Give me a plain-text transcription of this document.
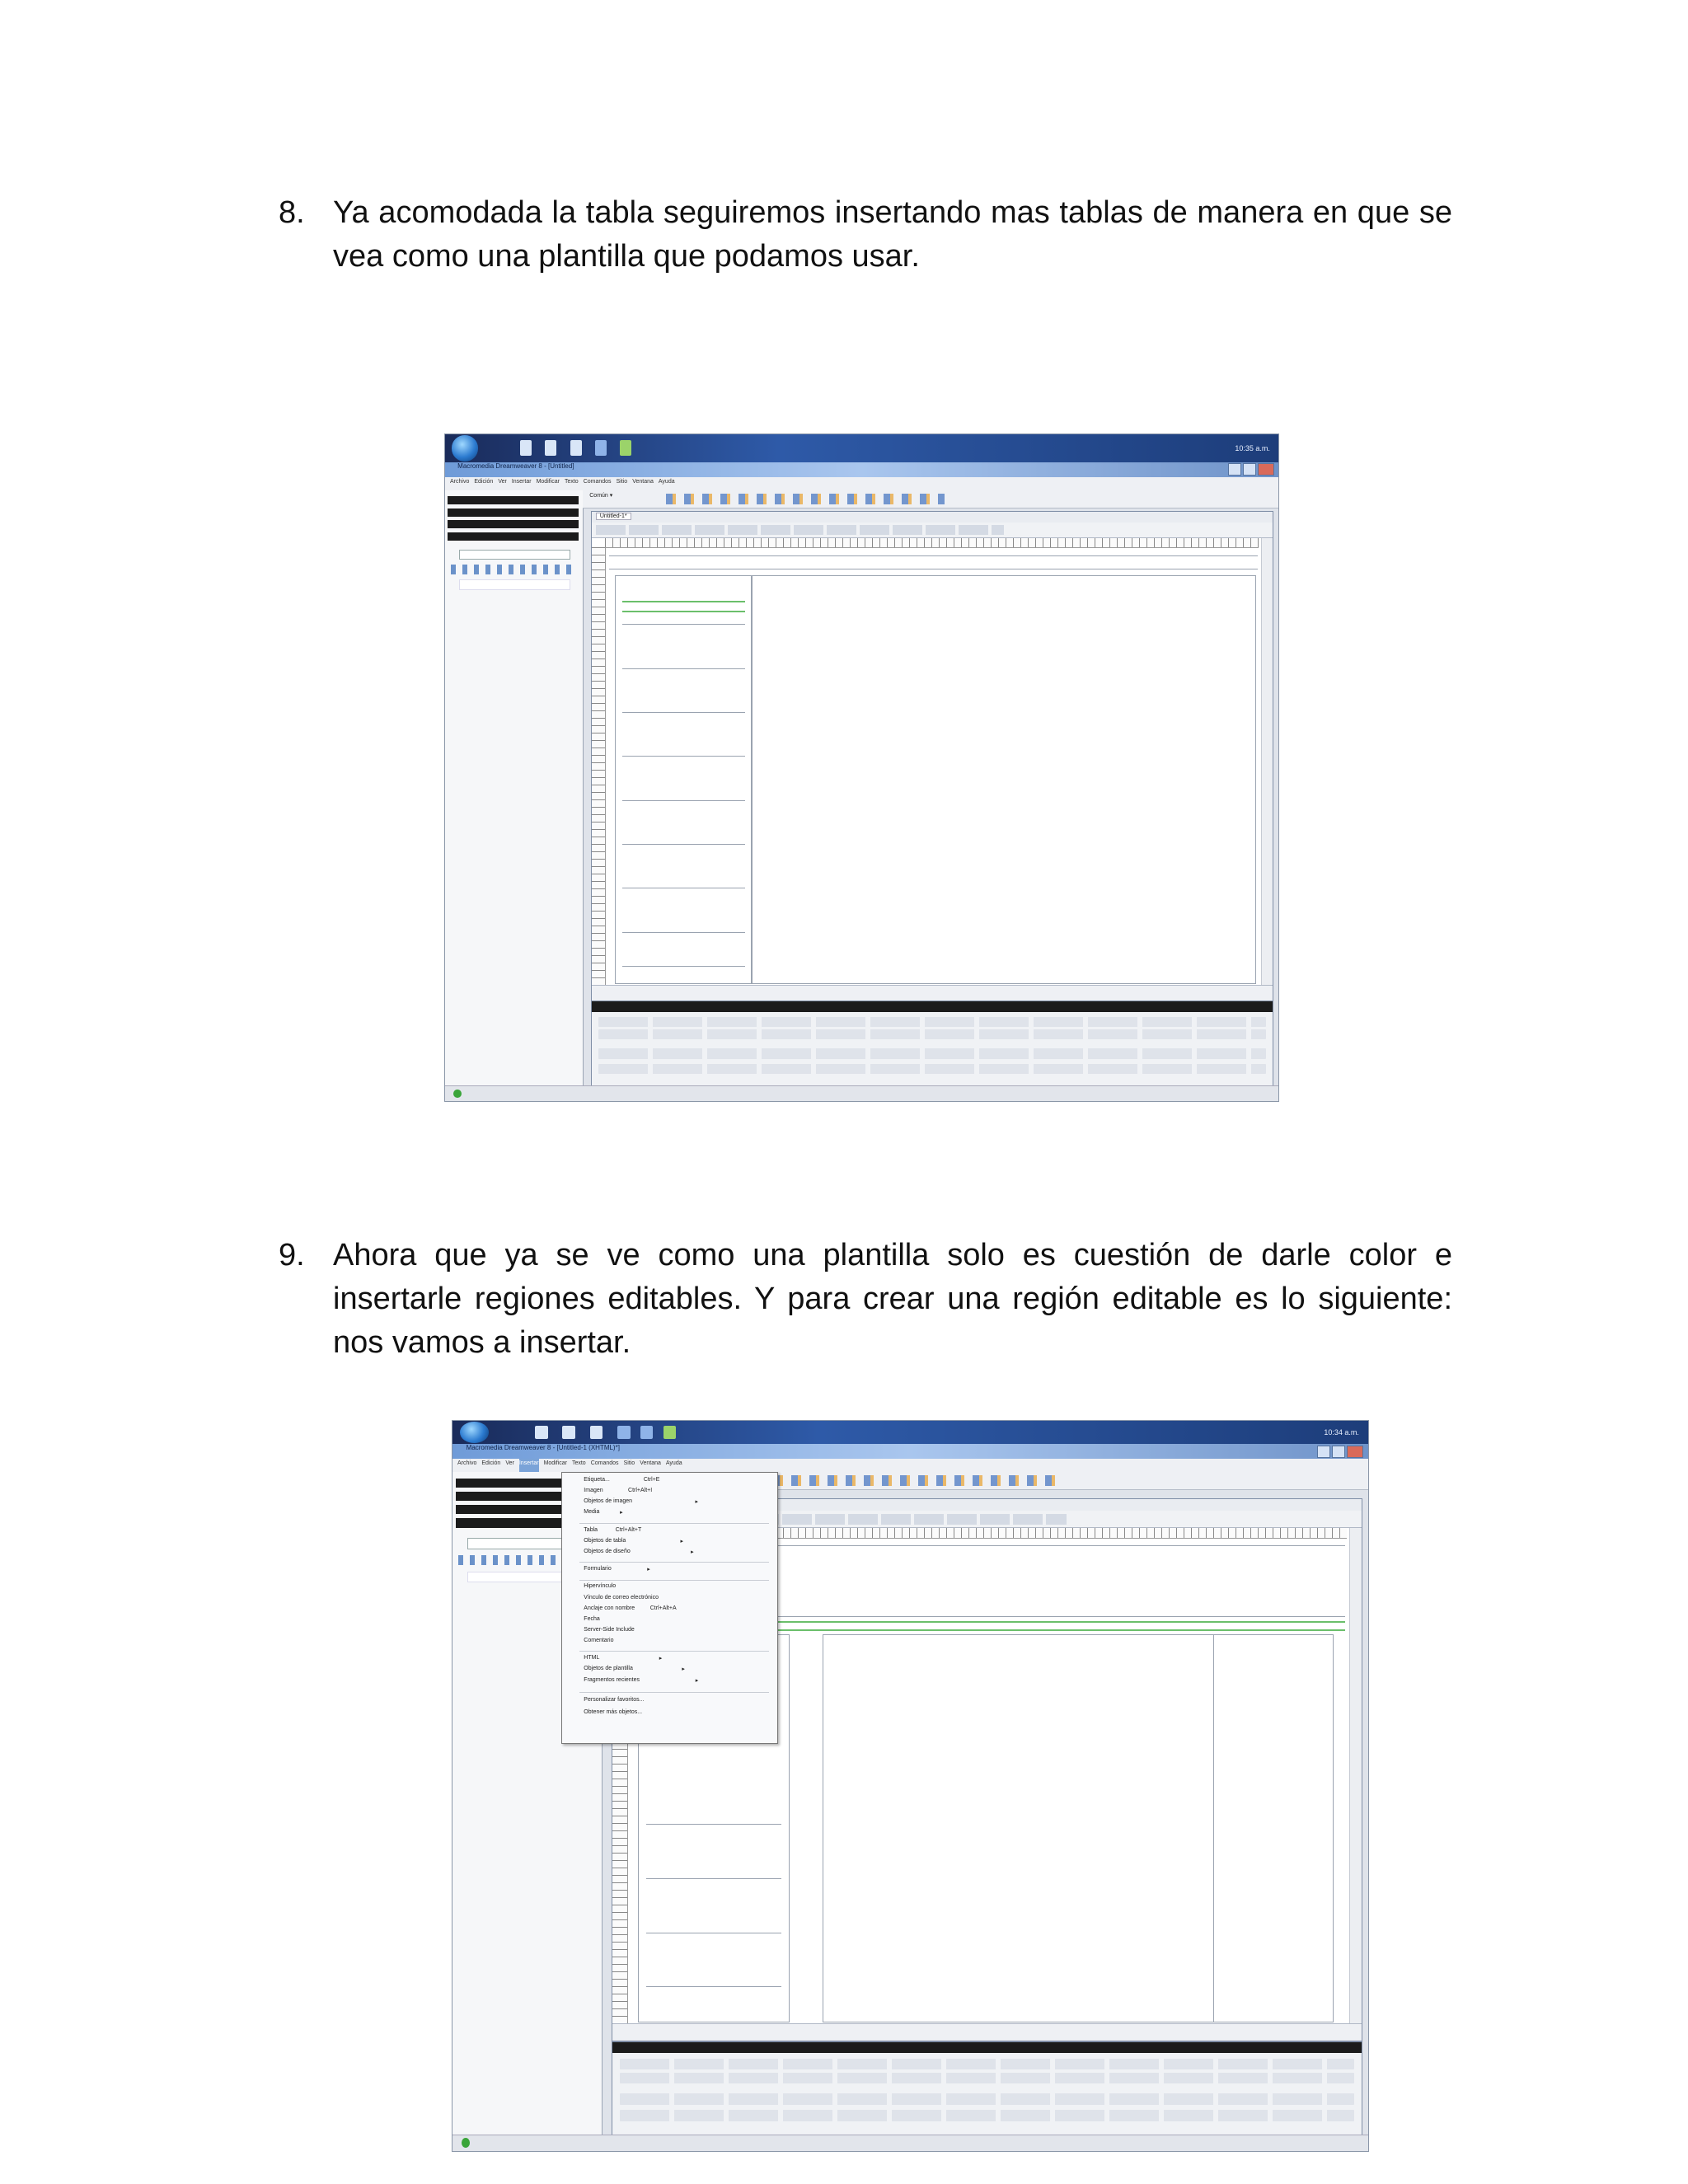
8. Ya acomodada la tabla seguiremos insertando mas tablas de manera en que se vea como una plantilla que podamos usar.
10:35 a.m.
Macromedia Dreamweaver 8 - [Untitled]
Archivo Edición Ver Insertar Modificar Texto Comandos Sitio Ventana Ayuda
Común ▾
Untitled-1*
9. Ahora que ya se ve como una plantilla solo es cuestión de darle color e insertarle regiones editables. Y para crear una región editable es lo siguiente: nos vamos a insertar.
10:34 a.m.
Macromedia Dreamweaver 8 - [Untitled-1 (XHTML)*]
Archivo Edición Ver Insertar Modificar Texto Comandos Sitio Ventana Ayuda
Etiqueta...	Ctrl+E
Imagen	Ctrl+Alt+I
Objetos de imagen	▸
Media	▸
Tabla	Ctrl+Alt+T
Objetos de tabla	▸
Objetos de diseño	▸
Formulario	▸
Hipervínculo
Vínculo de correo electrónico
Anclaje con nombre	Ctrl+Alt+A
Fecha
Server-Side Include
Comentario
HTML	▸
Objetos de plantilla	▸
Fragmentos recientes	▸
Personalizar favoritos...
Obtener más objetos...
